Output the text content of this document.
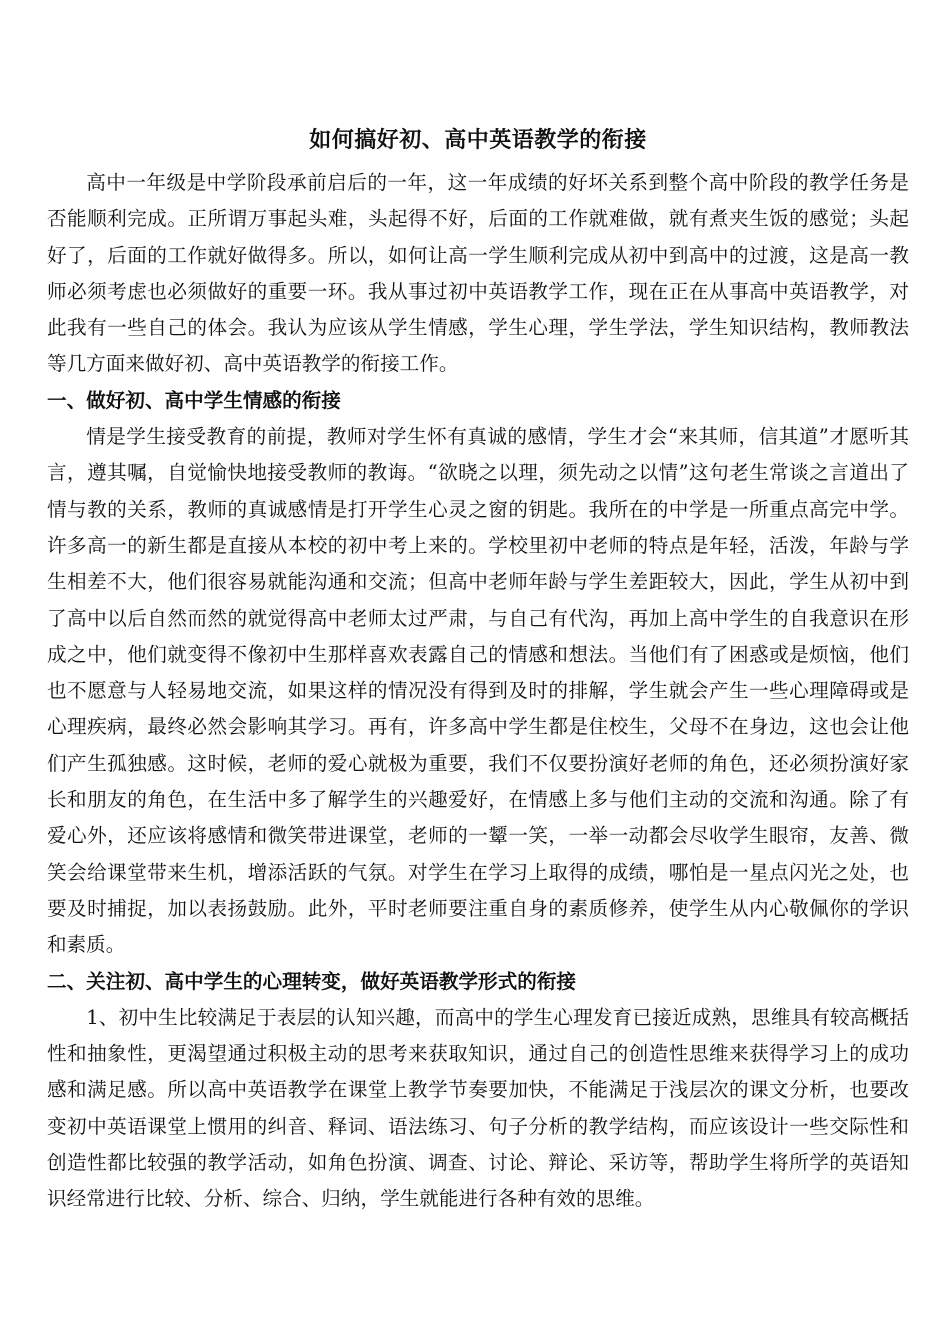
如何搞好初、高中英语教学的衔接

高中一年级是中学阶段承前启后的一年，这一年成绩的好坏关系到整个高中阶段的教学任务是否能顺利完成。正所谓万事起头难，头起得不好，后面的工作就难做，就有煮夹生饭的感觉；头起好了，后面的工作就好做得多。所以，如何让高一学生顺利完成从初中到高中的过渡，这是高一教师必须考虑也必须做好的重要一环。我从事过初中英语教学工作，现在正在从事高中英语教学，对此我有一些自己的体会。我认为应该从学生情感，学生心理，学生学法，学生知识结构，教师教法等几方面来做好初、高中英语教学的衔接工作。

一、做好初、高中学生情感的衔接

情是学生接受教育的前提，教师对学生怀有真诚的感情，学生才会“来其师，信其道”才愿听其言，遵其嘱，自觉愉快地接受教师的教诲。“欲晓之以理，须先动之以情”这句老生常谈之言道出了情与教的关系，教师的真诚感情是打开学生心灵之窗的钥匙。我所在的中学是一所重点高完中学。许多高一的新生都是直接从本校的初中考上来的。学校里初中老师的特点是年轻，活泼，年龄与学生相差不大，他们很容易就能沟通和交流；但高中老师年龄与学生差距较大，因此，学生从初中到了高中以后自然而然的就觉得高中老师太过严肃，与自己有代沟，再加上高中学生的自我意识在形成之中，他们就变得不像初中生那样喜欢表露自己的情感和想法。当他们有了困惑或是烦恼，他们也不愿意与人轻易地交流，如果这样的情况没有得到及时的排解，学生就会产生一些心理障碍或是心理疾病，最终必然会影响其学习。再有，许多高中学生都是住校生，父母不在身边，这也会让他们产生孤独感。这时候，老师的爱心就极为重要，我们不仅要扮演好老师的角色，还必须扮演好家长和朋友的角色，在生活中多了解学生的兴趣爱好，在情感上多与他们主动的交流和沟通。除了有爱心外，还应该将感情和微笑带进课堂，老师的一颦一笑，一举一动都会尽收学生眼帘，友善、微笑会给课堂带来生机，增添活跃的气氛。对学生在学习上取得的成绩，哪怕是一星点闪光之处，也要及时捕捉，加以表扬鼓励。此外，平时老师要注重自身的素质修养，使学生从内心敬佩你的学识和素质。

二、关注初、高中学生的心理转变，做好英语教学形式的衔接

1、初中生比较满足于表层的认知兴趣，而高中的学生心理发育已接近成熟，思维具有较高概括性和抽象性，更渴望通过积极主动的思考来获取知识，通过自己的创造性思维来获得学习上的成功感和满足感。所以高中英语教学在课堂上教学节奏要加快，不能满足于浅层次的课文分析，也要改变初中英语课堂上惯用的纠音、释词、语法练习、句子分析的教学结构，而应该设计一些交际性和创造性都比较强的教学活动，如角色扮演、调查、讨论、辩论、采访等，帮助学生将所学的英语知识经常进行比较、分析、综合、归纳，学生就能进行各种有效的思维。
